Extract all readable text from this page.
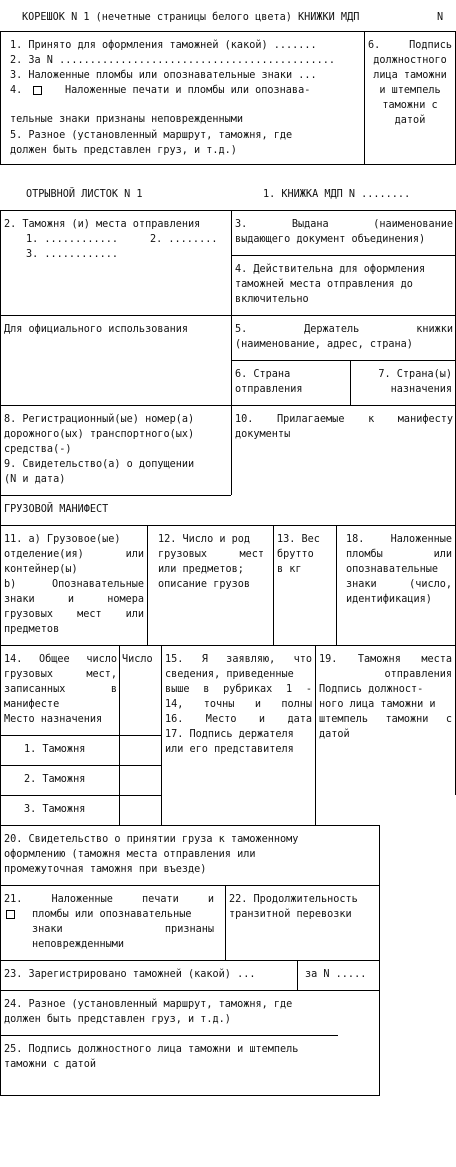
КОРЕШОК N 1 (нечетные страницы белого цвета) КНИЖКИ МДП	N
1. Принято для оформления таможней (какой) .......
2. За N .............................................
3. Наложенные пломбы или опознавательные знаки ...
4.	Наложенные печати и пломбы или опознава-
тельные знаки признаны неповрежденными
5. Разное (установленный маршрут, таможня, где
должен быть представлен груз, и т.д.)
6.	Подпись
должностного
лица таможни
и штемпель
таможни с
датой
ОТРЫВНОЙ ЛИСТОК N 1	1. КНИЖКА МДП N ........
2. Таможня (и) места отправления
1. ............	2. ........
3. ............
3. Выдана	(наименование
выдающего документ объединения)
4. Действительна для оформления
таможней места отправления до
включительно
Для официального использования	5. Держатель	книжки
(наименование, адрес, страна)
6. Страна
отправления
7. Страна(ы)
назначения
8. Регистрационный(ые) номер(а)
дорожного(ых) транспортного(ых)
средства(-)
9. Свидетельство(а) о допущении
(N и дата)
10. Прилагаемые к манифесту
документы
ГРУЗОВОЙ МАНИФЕСТ
11. а) Грузовое(ые)
отделение(ия)	или
контейнер(ы)
b)	Опознавательные
знаки	и	номера
грузовых мест или
предметов
12. Число и род
грузовых	мест
или предметов;
описание грузов
13. Вес
брутто
в кг
18.	Наложенные
пломбы	или
опознавательные
знаки	(число,
идентификация)
14. Общее число
грузовых	мест,
записанных	в
манифесте
Место назначения
Число
1. Таможня
2. Таможня
3. Таможня
15. Я заявляю, что
сведения, приведенные
выше в рубриках 1 -
14, точны и полны
16. Место и дата
17. Подпись держателя
или его представителя
19. Таможня места
отправления
Подпись должност-
ного лица таможни и
штемпель таможни с
датой
20. Свидетельство о принятии груза к таможенному
оформлению (таможня места отправления или
промежуточная таможня при въезде)
21.	Наложенные	печати	и
пломбы или опознавательные
знаки	признаны
неповрежденными
22. Продолжительность
транзитной перевозки
23. Зарегистрировано таможней (какой) ...	за N .....
24. Разное (установленный маршрут, таможня, где
должен быть представлен груз, и т.д.)
25. Подпись должностного лица таможни и штемпель
таможни с датой
